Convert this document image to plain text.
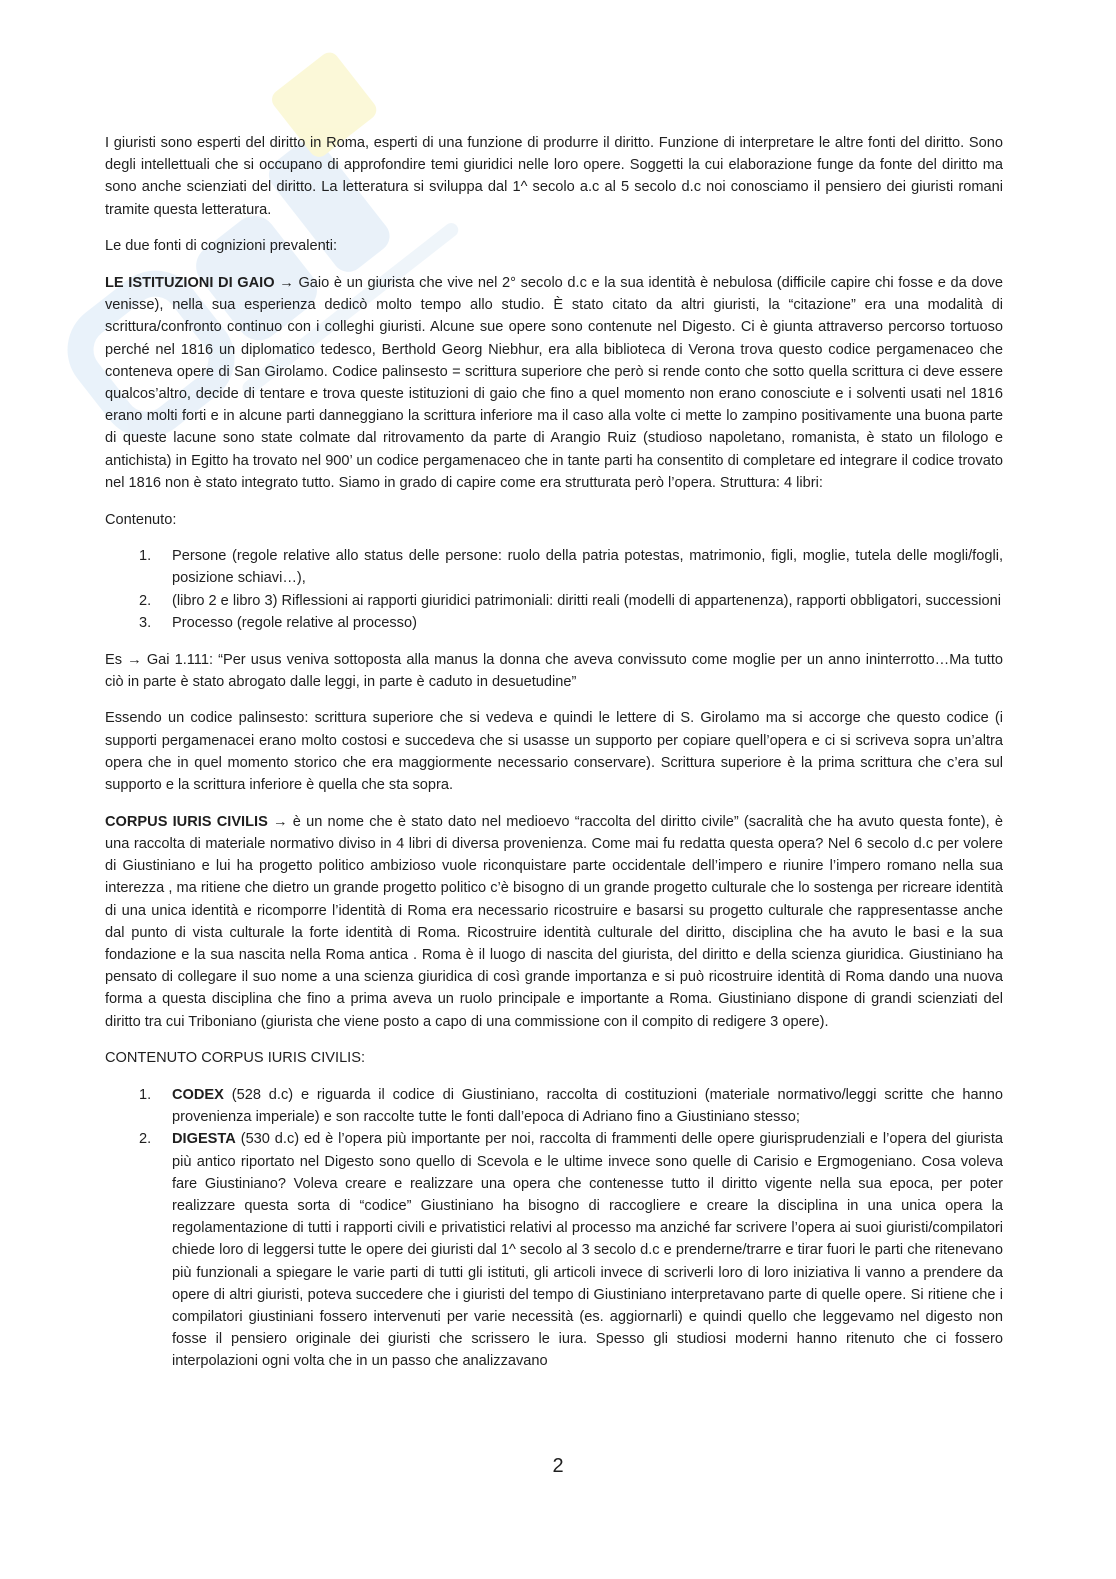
I giuristi sono esperti del diritto in Roma, esperti di una funzione di produrre il diritto. Funzione di interpretare le altre fonti del diritto. Sono degli intellettuali che si occupano di approfondire temi giuridici nelle loro opere. Soggetti la cui elaborazione funge da fonte del diritto ma sono anche scienziati del diritto. La letteratura si sviluppa dal 1^ secolo a.c al 5 secolo d.c noi conosciamo il pensiero dei giuristi romani tramite questa letteratura.

Le due fonti di cognizioni prevalenti:

LE ISTITUZIONI DI GAIO → Gaio è un giurista che vive nel 2° secolo d.c e la sua identità è nebulosa (difficile capire chi fosse e da dove venisse), nella sua esperienza dedicò molto tempo allo studio. È stato citato da altri giuristi, la “citazione” era una modalità di scrittura/confronto continuo con i colleghi giuristi. Alcune sue opere sono contenute nel Digesto. Ci è giunta attraverso percorso tortuoso perché nel 1816 un diplomatico tedesco, Berthold Georg Niebhur, era alla biblioteca di Verona trova questo codice pergamenaceo che conteneva opere di San Girolamo. Codice palinsesto = scrittura superiore che però si rende conto che sotto quella scrittura ci deve essere qualcos’altro, decide di tentare e trova queste istituzioni di gaio che fino a quel momento non erano conosciute e i solventi usati nel 1816 erano molti forti e in alcune parti danneggiano la scrittura inferiore ma il caso alla volte ci mette lo zampino positivamente una buona parte di queste lacune sono state colmate dal ritrovamento da parte di Arangio Ruiz (studioso napoletano, romanista, è stato un filologo e antichista) in Egitto ha trovato nel 900’ un codice pergamenaceo che in tante parti ha consentito di completare ed integrare il codice trovato nel 1816 non è stato integrato tutto. Siamo in grado di capire come era strutturata però l’opera. Struttura: 4 libri:

Contenuto:

1. Persone (regole relative allo status delle persone: ruolo della patria potestas, matrimonio, figli, moglie, tutela delle mogli/fogli, posizione schiavi…),
2. (libro 2 e libro 3) Riflessioni ai rapporti giuridici patrimoniali: diritti reali (modelli di appartenenza), rapporti obbligatori, successioni
3. Processo (regole relative al processo)

Es → Gai 1.111: “Per usus veniva sottoposta alla manus la donna che aveva convissuto come moglie per un anno ininterrotto…Ma tutto ciò in parte è stato abrogato dalle leggi, in parte è caduto in desuetudine”

Essendo un codice palinsesto: scrittura superiore che si vedeva e quindi le lettere di S. Girolamo ma si accorge che questo codice (i supporti pergamenacei erano molto costosi e succedeva che si usasse un supporto per copiare quell’opera e ci si scriveva sopra un’altra opera che in quel momento storico che era maggiormente necessario conservare). Scrittura superiore è la prima scrittura che c’era sul supporto e la scrittura inferiore è quella che sta sopra.

CORPUS IURIS CIVILIS → è un nome che è stato dato nel medioevo “raccolta del diritto civile” (sacralità che ha avuto questa fonte), è una raccolta di materiale normativo diviso in 4 libri di diversa provenienza. Come mai fu redatta questa opera? Nel 6 secolo d.c per volere di Giustiniano e lui ha progetto politico ambizioso vuole riconquistare parte occidentale dell’impero e riunire l’impero romano nella sua interezza , ma ritiene che dietro un grande progetto politico c’è bisogno di un grande progetto culturale che lo sostenga per ricreare identità di una unica identità e ricomporre l’identità di Roma era necessario ricostruire e basarsi su progetto culturale che rappresentasse anche dal punto di vista culturale la forte identità di Roma. Ricostruire identità culturale del diritto, disciplina che ha avuto le basi e la sua fondazione e la sua nascita nella Roma antica . Roma è il luogo di nascita del giurista, del diritto e della scienza giuridica. Giustiniano ha pensato di collegare il suo nome a una scienza giuridica di così grande importanza e si può ricostruire identità di Roma dando una nuova forma a questa disciplina che fino a prima aveva un ruolo principale e importante a Roma. Giustiniano dispone di grandi scienziati del diritto tra cui Triboniano (giurista che viene posto a capo di una commissione con il compito di redigere 3 opere).

CONTENUTO CORPUS IURIS CIVILIS:

1. CODEX (528 d.c) e riguarda il codice di Giustiniano, raccolta di costituzioni (materiale normativo/leggi scritte che hanno provenienza imperiale) e son raccolte tutte le fonti dall’epoca di Adriano fino a Giustiniano stesso;
2. DIGESTA (530 d.c) ed è l’opera più importante per noi, raccolta di frammenti delle opere giurisprudenziali e l’opera del giurista più antico riportato nel Digesto sono quello di Scevola e le ultime invece sono quelle di Carisio e Ergmogeniano. Cosa voleva fare Giustiniano? Voleva creare e realizzare una opera che contenesse tutto il diritto vigente nella sua epoca, per poter realizzare questa sorta di “codice” Giustiniano ha bisogno di raccogliere e creare la disciplina in una unica opera la regolamentazione di tutti i rapporti civili e privatistici relativi al processo ma anziché far scrivere l’opera ai suoi giuristi/compilatori chiede loro di leggersi tutte le opere dei giuristi dal 1^ secolo al 3 secolo d.c e prenderne/trarre e tirar fuori le parti che ritenevano più funzionali a spiegare le varie parti di tutti gli istituti, gli articoli invece di scriverli loro di loro iniziativa li vanno a prendere da opere di altri giuristi, poteva succedere che i giuristi del tempo di Giustiniano interpretavano parte di quelle opere. Si ritiene che i compilatori giustiniani fossero intervenuti per varie necessità (es. aggiornarli) e quindi quello che leggevamo nel digesto non fosse il pensiero originale dei giuristi che scrissero le iura. Spesso gli studiosi moderni hanno ritenuto che ci fossero interpolazioni ogni volta che in un passo che analizzavano
2
